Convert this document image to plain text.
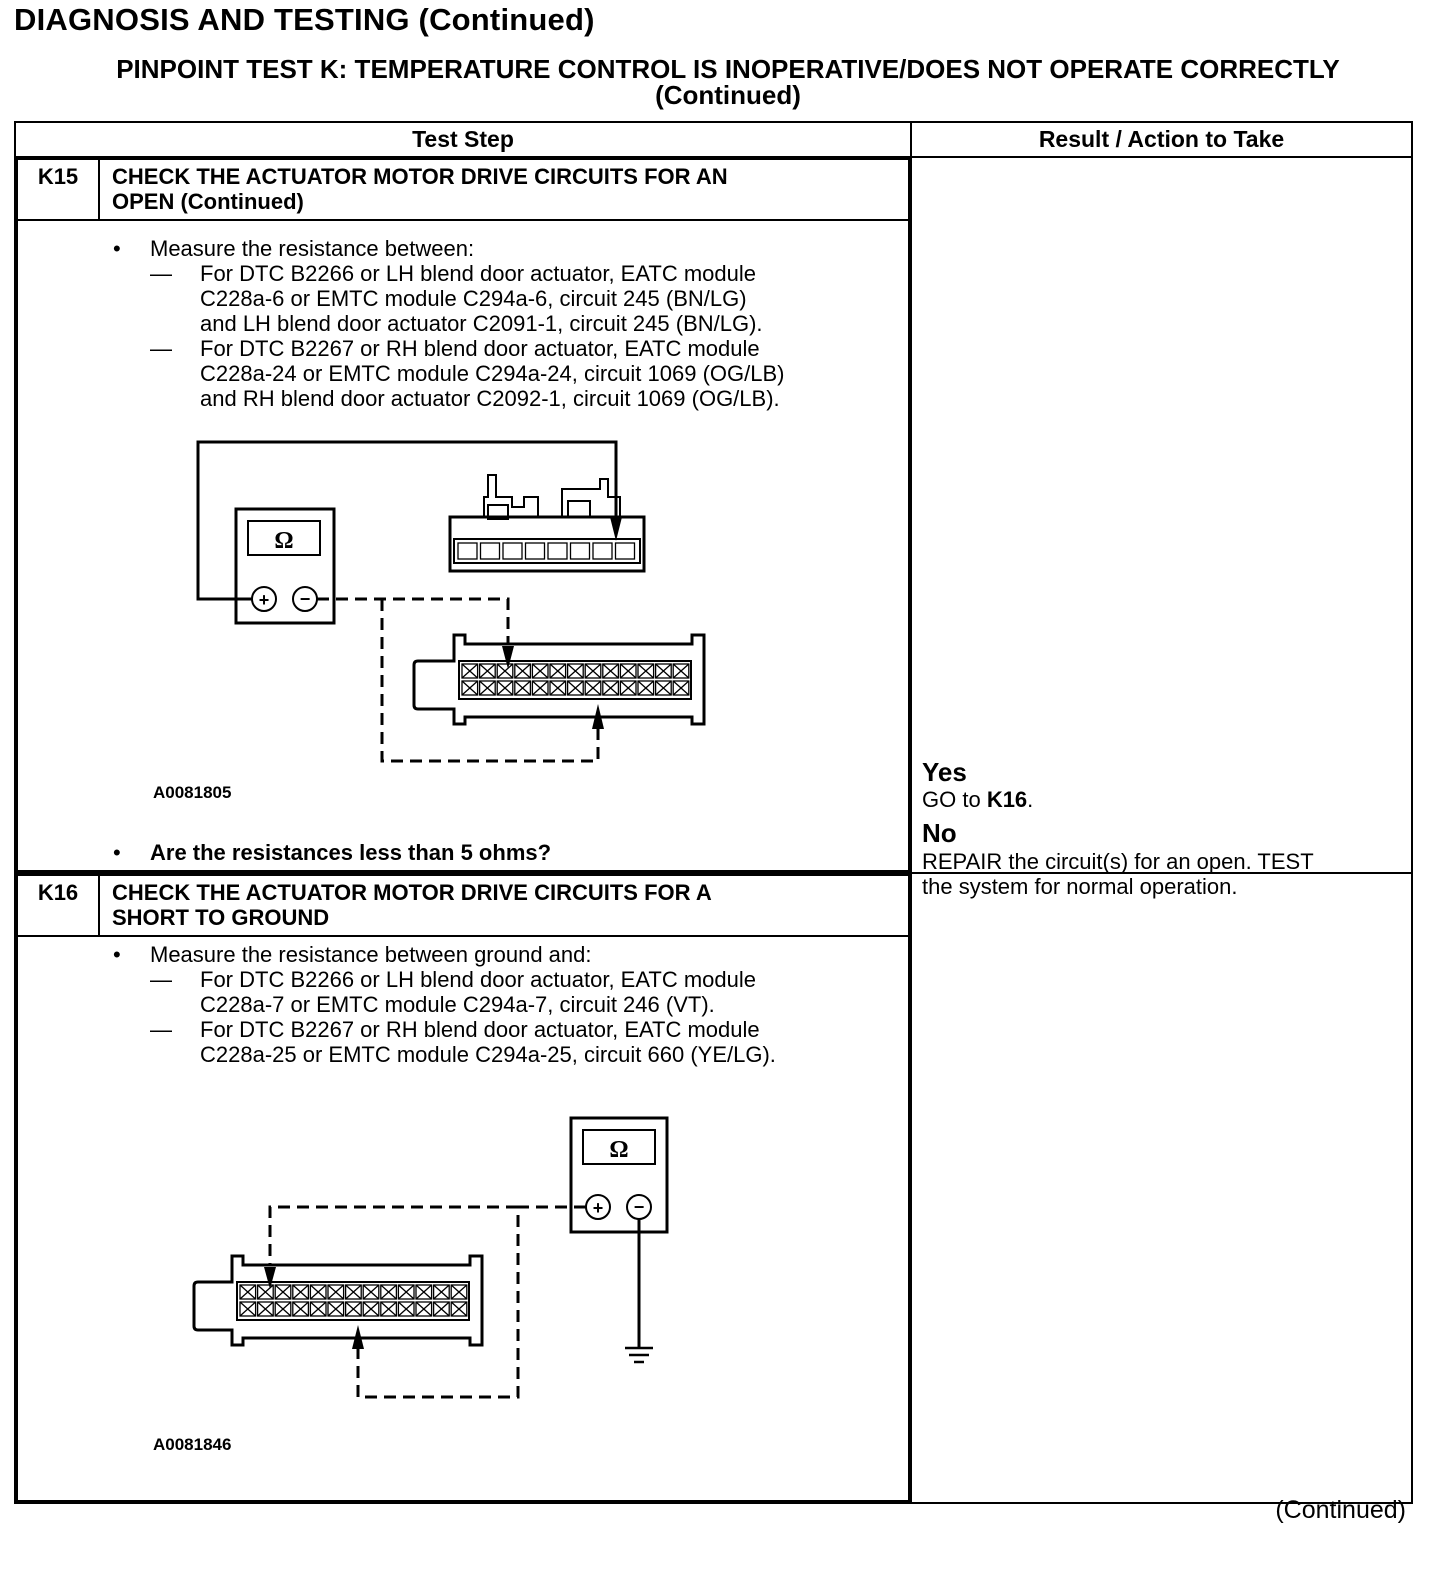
DIAGNOSIS AND TESTING (Continued)
PINPOINT TEST K: TEMPERATURE CONTROL IS INOPERATIVE/DOES NOT OPERATE CORRECTLY
(Continued)
Test Step	Result / Action to Take

K15	CHECK THE ACTUATOR MOTOR DRIVE CIRCUITS FOR AN
OPEN (Continued)

• Measure the resistance between:
— For DTC B2266 or LH blend door actuator, EATC module
C228a-6 or EMTC module C294a-6, circuit 245 (BN/LG)
and LH blend door actuator C2091-1, circuit 245 (BN/LG).
— For DTC B2267 or RH blend door actuator, EATC module
C228a-24 or EMTC module C294a-24, circuit 1069 (OG/LB)
and RH blend door actuator C2092-1, circuit 1069 (OG/LB).
Ω
+ −
A0081805
• Are the resistances less than 5 ohms?

Yes
GO to K16.
No
REPAIR the circuit(s) for an open. TEST
the system for normal operation.

K16	CHECK THE ACTUATOR MOTOR DRIVE CIRCUITS FOR A
SHORT TO GROUND

• Measure the resistance between ground and:
— For DTC B2266 or LH blend door actuator, EATC module
C228a-7 or EMTC module C294a-7, circuit 246 (VT).
— For DTC B2267 or RH blend door actuator, EATC module
C228a-25 or EMTC module C294a-25, circuit 660 (YE/LG).
Ω
+ −
A0081846

(Continued)
